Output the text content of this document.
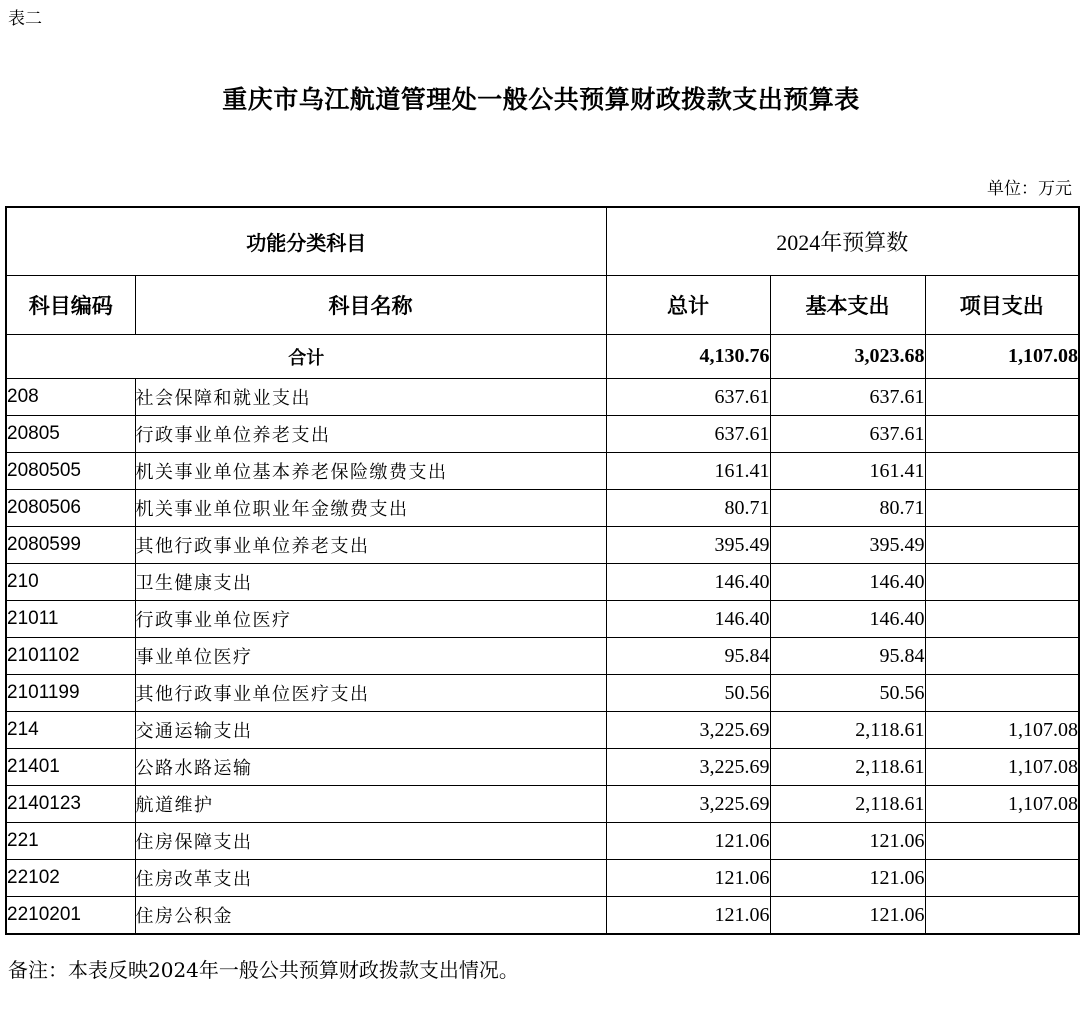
表二
重庆市乌江航道管理处一般公共预算财政拨款支出预算表
单位：万元
功能分类科目		2024年预算数		
科目编码	科目名称	总计	基本支出	项目支出
合计		4,130.76	3,023.68	1,107.08
208	社会保障和就业支出	637.61	637.61	
20805	行政事业单位养老支出	637.61	637.61	
2080505	机关事业单位基本养老保险缴费支出	161.41	161.41	
2080506	机关事业单位职业年金缴费支出	80.71	80.71	
2080599	其他行政事业单位养老支出	395.49	395.49	
210	卫生健康支出	146.40	146.40	
21011	行政事业单位医疗	146.40	146.40	
2101102	事业单位医疗	95.84	95.84	
2101199	其他行政事业单位医疗支出	50.56	50.56	
214	交通运输支出	3,225.69	2,118.61	1,107.08
21401	公路水路运输	3,225.69	2,118.61	1,107.08
2140123	航道维护	3,225.69	2,118.61	1,107.08
221	住房保障支出	121.06	121.06	
22102	住房改革支出	121.06	121.06	
2210201	住房公积金	121.06	121.06	
备注：本表反映2024年一般公共预算财政拨款支出情况。
